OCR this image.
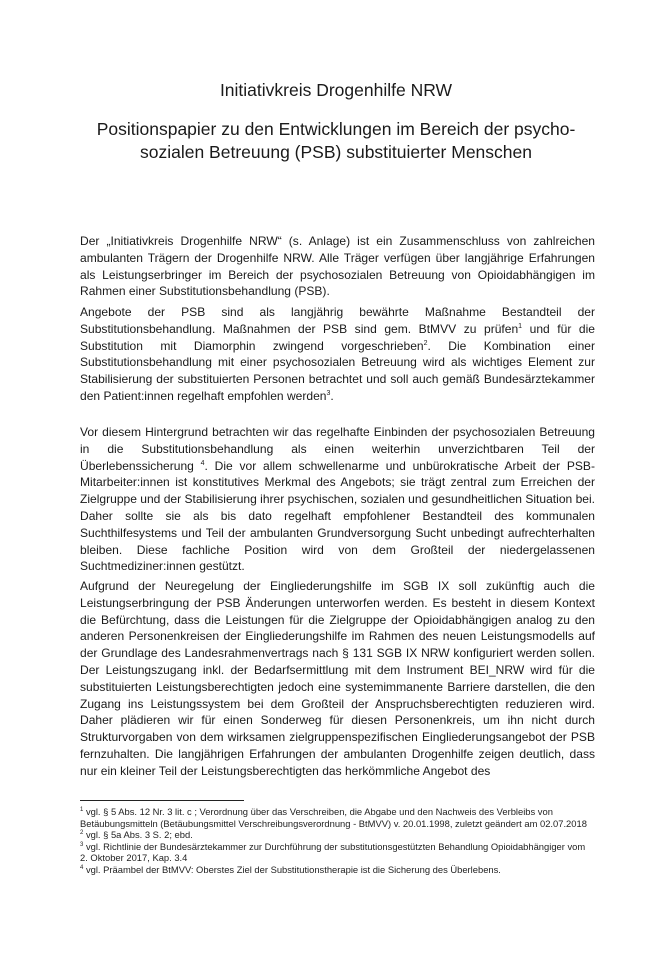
Initiativkreis Drogenhilfe NRW
Positionspapier zu den Entwicklungen im Bereich der psycho-sozialen Betreuung (PSB) substituierter Menschen

Der „Initiativkreis Drogenhilfe NRW“ (s. Anlage) ist ein Zusammenschluss von zahlreichen ambulanten Trägern der Drogenhilfe NRW. Alle Träger verfügen über langjährige Erfahrungen als Leistungserbringer im Bereich der psychosozialen Betreuung von Opioidabhängigen im Rahmen einer Substitutionsbehandlung (PSB).

Angebote der PSB sind als langjährig bewährte Maßnahme Bestandteil der Substitutionsbehandlung. Maßnahmen der PSB sind gem. BtMVV zu prüfen$^1$ und für die Substitution mit Diamorphin zwingend vorgeschrieben$^2$. Die Kombination einer Substitutionsbehandlung mit einer psychosozialen Betreuung wird als wichtiges Element zur Stabilisierung der substituierten Personen betrachtet und soll auch gemäß Bundesärztekammer den Patient:innen regelhaft empfohlen werden$^3$.

Vor diesem Hintergrund betrachten wir das regelhafte Einbinden der psychosozialen Betreuung in die Substitutionsbehandlung als einen weiterhin unverzichtbaren Teil der Überlebenssicherung $^4$. Die vor allem schwellenarme und unbürokratische Arbeit der PSB-Mitarbeiter:innen ist konstitutives Merkmal des Angebots; sie trägt zentral zum Erreichen der Zielgruppe und der Stabilisierung ihrer psychischen, sozialen und gesundheitlichen Situation bei. Daher sollte sie als bis dato regelhaft empfohlener Bestandteil des kommunalen Suchthilfesystems und Teil der ambulanten Grundversorgung Sucht unbedingt aufrechterhalten bleiben. Diese fachliche Position wird von dem Großteil der niedergelassenen Suchtmediziner:innen gestützt.

Aufgrund der Neuregelung der Eingliederungshilfe im SGB IX soll zukünftig auch die Leistungserbringung der PSB Änderungen unterworfen werden. Es besteht in diesem Kontext die Befürchtung, dass die Leistungen für die Zielgruppe der Opioidabhängigen analog zu den anderen Personenkreisen der Eingliederungshilfe im Rahmen des neuen Leistungsmodells auf der Grundlage des Landesrahmenvertrags nach § 131 SGB IX NRW konfiguriert werden sollen. Der Leistungszugang inkl. der Bedarfsermittlung mit dem Instrument BEI_NRW wird für die substituierten Leistungsberechtigten jedoch eine systemimmanente Barriere darstellen, die den Zugang ins Leistungssystem bei dem Großteil der Anspruchsberechtigten reduzieren wird. Daher plädieren wir für einen Sonderweg für diesen Personenkreis, um ihn nicht durch Strukturvorgaben von dem wirksamen zielgruppenspezifischen Eingliederungsangebot der PSB fernzuhalten. Die langjährigen Erfahrungen der ambulanten Drogenhilfe zeigen deutlich, dass nur ein kleiner Teil der Leistungsberechtigten das herkömmliche Angebot des

$^1$ vgl. § 5 Abs. 12 Nr. 3 lit. c ; Verordnung über das Verschreiben, die Abgabe und den Nachweis des Verbleibs von Betäubungsmitteln (Betäubungsmittel Verschreibungsverordnung - BtMVV) v. 20.01.1998, zuletzt geändert am 02.07.2018

$^2$ vgl. § 5a Abs. 3 S. 2; ebd.

$^3$ vgl. Richtlinie der Bundesärztekammer zur Durchführung der substitutionsgestützten Behandlung Opioidabhängiger vom 2. Oktober 2017, Kap. 3.4

$^4$ vgl. Präambel der BtMVV: Oberstes Ziel der Substitutionstherapie ist die Sicherung des Überlebens.
